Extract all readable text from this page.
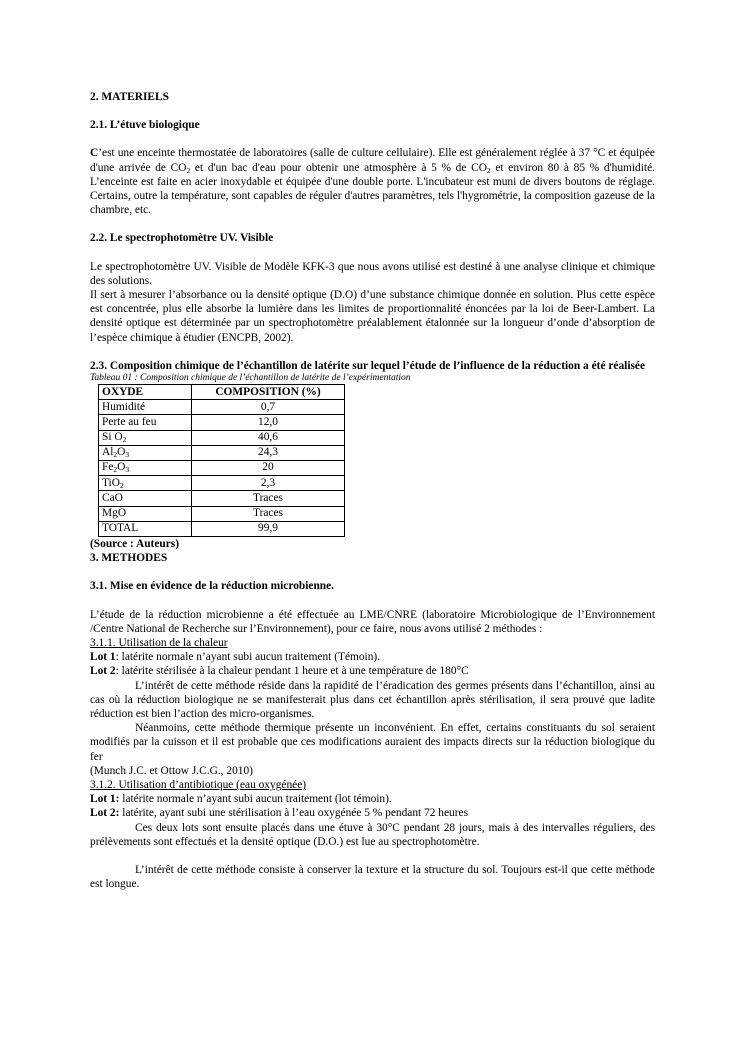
2. MATERIELS

2.1. L’étuve biologique

C’est une enceinte thermostatée de laboratoires (salle de culture cellulaire). Elle est généralement réglée à 37 °C et équipée d'une arrivée de $CO_2$ et d'un bac d'eau pour obtenir une atmosphère à 5 % de $CO_2$ et environ 80 à 85 % d'humidité. L’enceinte est faite en acier inoxydable et équipée d'une double porte. L'incubateur est muni de divers boutons de réglage. Certains, outre la température, sont capables de réguler d'autres paramètres, tels l'hygrométrie, la composition gazeuse de la chambre, etc.

2.2. Le spectrophotomètre UV. Visible

Le spectrophotomètre UV. Visible de Modèle KFK-3 que nous avons utilisé est destiné à une analyse clinique et chimique des solutions.

Il sert à mesurer l’absorbance ou la densité optique (D.O) d’une substance chimique donnée en solution. Plus cette espèce est concentrée, plus elle absorbe la lumière dans les limites de proportionnalité énoncées par la loi de Beer-Lambert. La densité optique est déterminée par un spectrophotomètre préalablement étalonnée sur la longueur d’onde d’absorption de l’espèce chimique à étudier (ENCPB, 2002).

2.3. Composition chimique de l’échantillon de latérite sur lequel l’étude de l’influence de la réduction a été réalisée

Tableau 01 : Composition chimique de l’échantillon de latérite de l’expérimentation

OXYDE	COMPOSITION (%)
Humidité	0,7
Perte au feu	12,0
Si $O_2$	40,6
$Al_2O_3$	24,3
$Fe_2O_3$	20
TiO$_2$	2,3
CaO	Traces
MgO	Traces
TOTAL	99,9

(Source : Auteurs)

3. METHODES

3.1. Mise en évidence de la réduction microbienne.

L’étude de la réduction microbienne a été effectuée au LME/CNRE (laboratoire Microbiologique de l’Environnement /Centre National de Recherche sur l’Environnement), pour ce faire, nous avons utilisé 2 méthodes :

3.1.1. Utilisation de la chaleur

Lot 1: latérite normale n’ayant subi aucun traitement (Témoin).

Lot 2: latérite stérilisée à la chaleur pendant 1 heure et à une température de 180°C

L’intérêt de cette méthode réside dans la rapidité de l’éradication des germes présents dans l’échantillon, ainsi au cas où la réduction biologique ne se manifesterait plus dans cet échantillon après stérilisation, il sera prouvé que ladite réduction est bien l’action des micro-organismes.

Néanmoins, cette méthode thermique présente un inconvénient. En effet, certains constituants du sol seraient modifiés par la cuisson et il est probable que ces modifications auraient des impacts directs sur la réduction biologique du fer

(Munch J.C. et Ottow J.C.G., 2010)

3.1.2. Utilisation d’antibiotique (eau oxygénée)

Lot 1: latérite normale n’ayant subi aucun traitement (lot témoin).

Lot 2: latérite, ayant subi une stérilisation à l’eau oxygénée 5 % pendant 72 heures

Ces deux lots sont ensuite placés dans une étuve à 30°C pendant 28 jours, mais à des intervalles réguliers, des prélèvements sont effectués et la densité optique (D.O.) est lue au spectrophotomètre.

L’intérêt de cette méthode consiste à conserver la texture et la structure du sol. Toujours est-il que cette méthode est longue.
